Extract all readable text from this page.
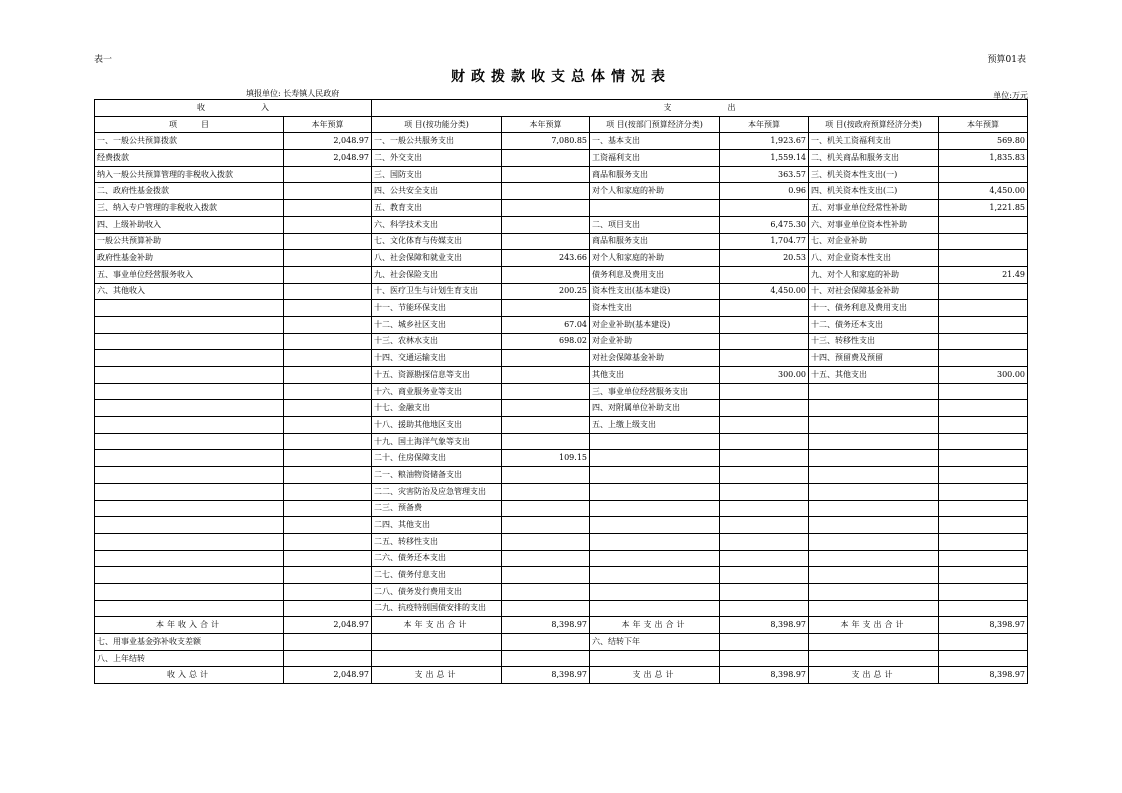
表一	预算01表
财政拨款收支总体情况表
填报单位: 长寿镇人民政府	单位:万元
收　　　　　　　入		支　　　　　　　出					
项　　　目	本年预算	项 目(按功能分类)	本年预算	项 目(按部门预算经济分类)	本年预算	项 目(按政府预算经济分类)	本年预算
一、一般公共预算拨款	2,048.97	一、一般公共服务支出	7,080.85	一、基本支出	1,923.67	一、机关工资福利支出	569.80
经费拨款	2,048.97	二、外交支出		工资福利支出	1,559.14	二、机关商品和服务支出	1,835.83
纳入一般公共预算管理的非税收入拨款		三、国防支出		商品和服务支出	363.57	三、机关资本性支出(一)	
二、政府性基金拨款		四、公共安全支出		对个人和家庭的补助	0.96	四、机关资本性支出(二)	4,450.00
三、纳入专户管理的非税收入拨款		五、教育支出				五、对事业单位经常性补助	1,221.85
四、上级补助收入		六、科学技术支出		二、项目支出	6,475.30	六、对事业单位资本性补助	
一般公共预算补助		七、文化体育与传媒支出		商品和服务支出	1,704.77	七、对企业补助	
政府性基金补助		八、社会保障和就业支出	243.66	对个人和家庭的补助	20.53	八、对企业资本性支出	
五、事业单位经营服务收入		九、社会保险支出		债务利息及费用支出		九、对个人和家庭的补助	21.49
六、其他收入		十、医疗卫生与计划生育支出	200.25	资本性支出(基本建设)	4,450.00	十、对社会保障基金补助	
		十一、节能环保支出		资本性支出		十一、债务利息及费用支出	
		十二、城乡社区支出	67.04	对企业补助(基本建设)		十二、债务还本支出	
		十三、农林水支出	698.02	对企业补助		十三、转移性支出	
		十四、交通运输支出		对社会保障基金补助		十四、预留费及预留	
		十五、资源勘探信息等支出		其他支出	300.00	十五、其他支出	300.00
		十六、商业服务业等支出		三、事业单位经营服务支出			
		十七、金融支出		四、对附属单位补助支出			
		十八、援助其他地区支出		五、上缴上级支出			
		十九、国土海洋气象等支出					
		二十、住房保障支出	109.15				
		二一、粮油物资储备支出					
		二二、灾害防治及应急管理支出					
		二三、预备费					
		二四、其他支出					
		二五、转移性支出					
		二六、债务还本支出					
		二七、债务付息支出					
		二八、债务发行费用支出					
		二九、抗疫特别国债安排的支出					
本年收入合计	2,048.97	本年支出合计	8,398.97	本年支出合计	8,398.97	本年支出合计	8,398.97
七、用事业基金弥补收支差额				六、结转下年			
八、上年结转							
收入总计	2,048.97	支出总计	8,398.97	支出总计	8,398.97	支出总计	8,398.97
